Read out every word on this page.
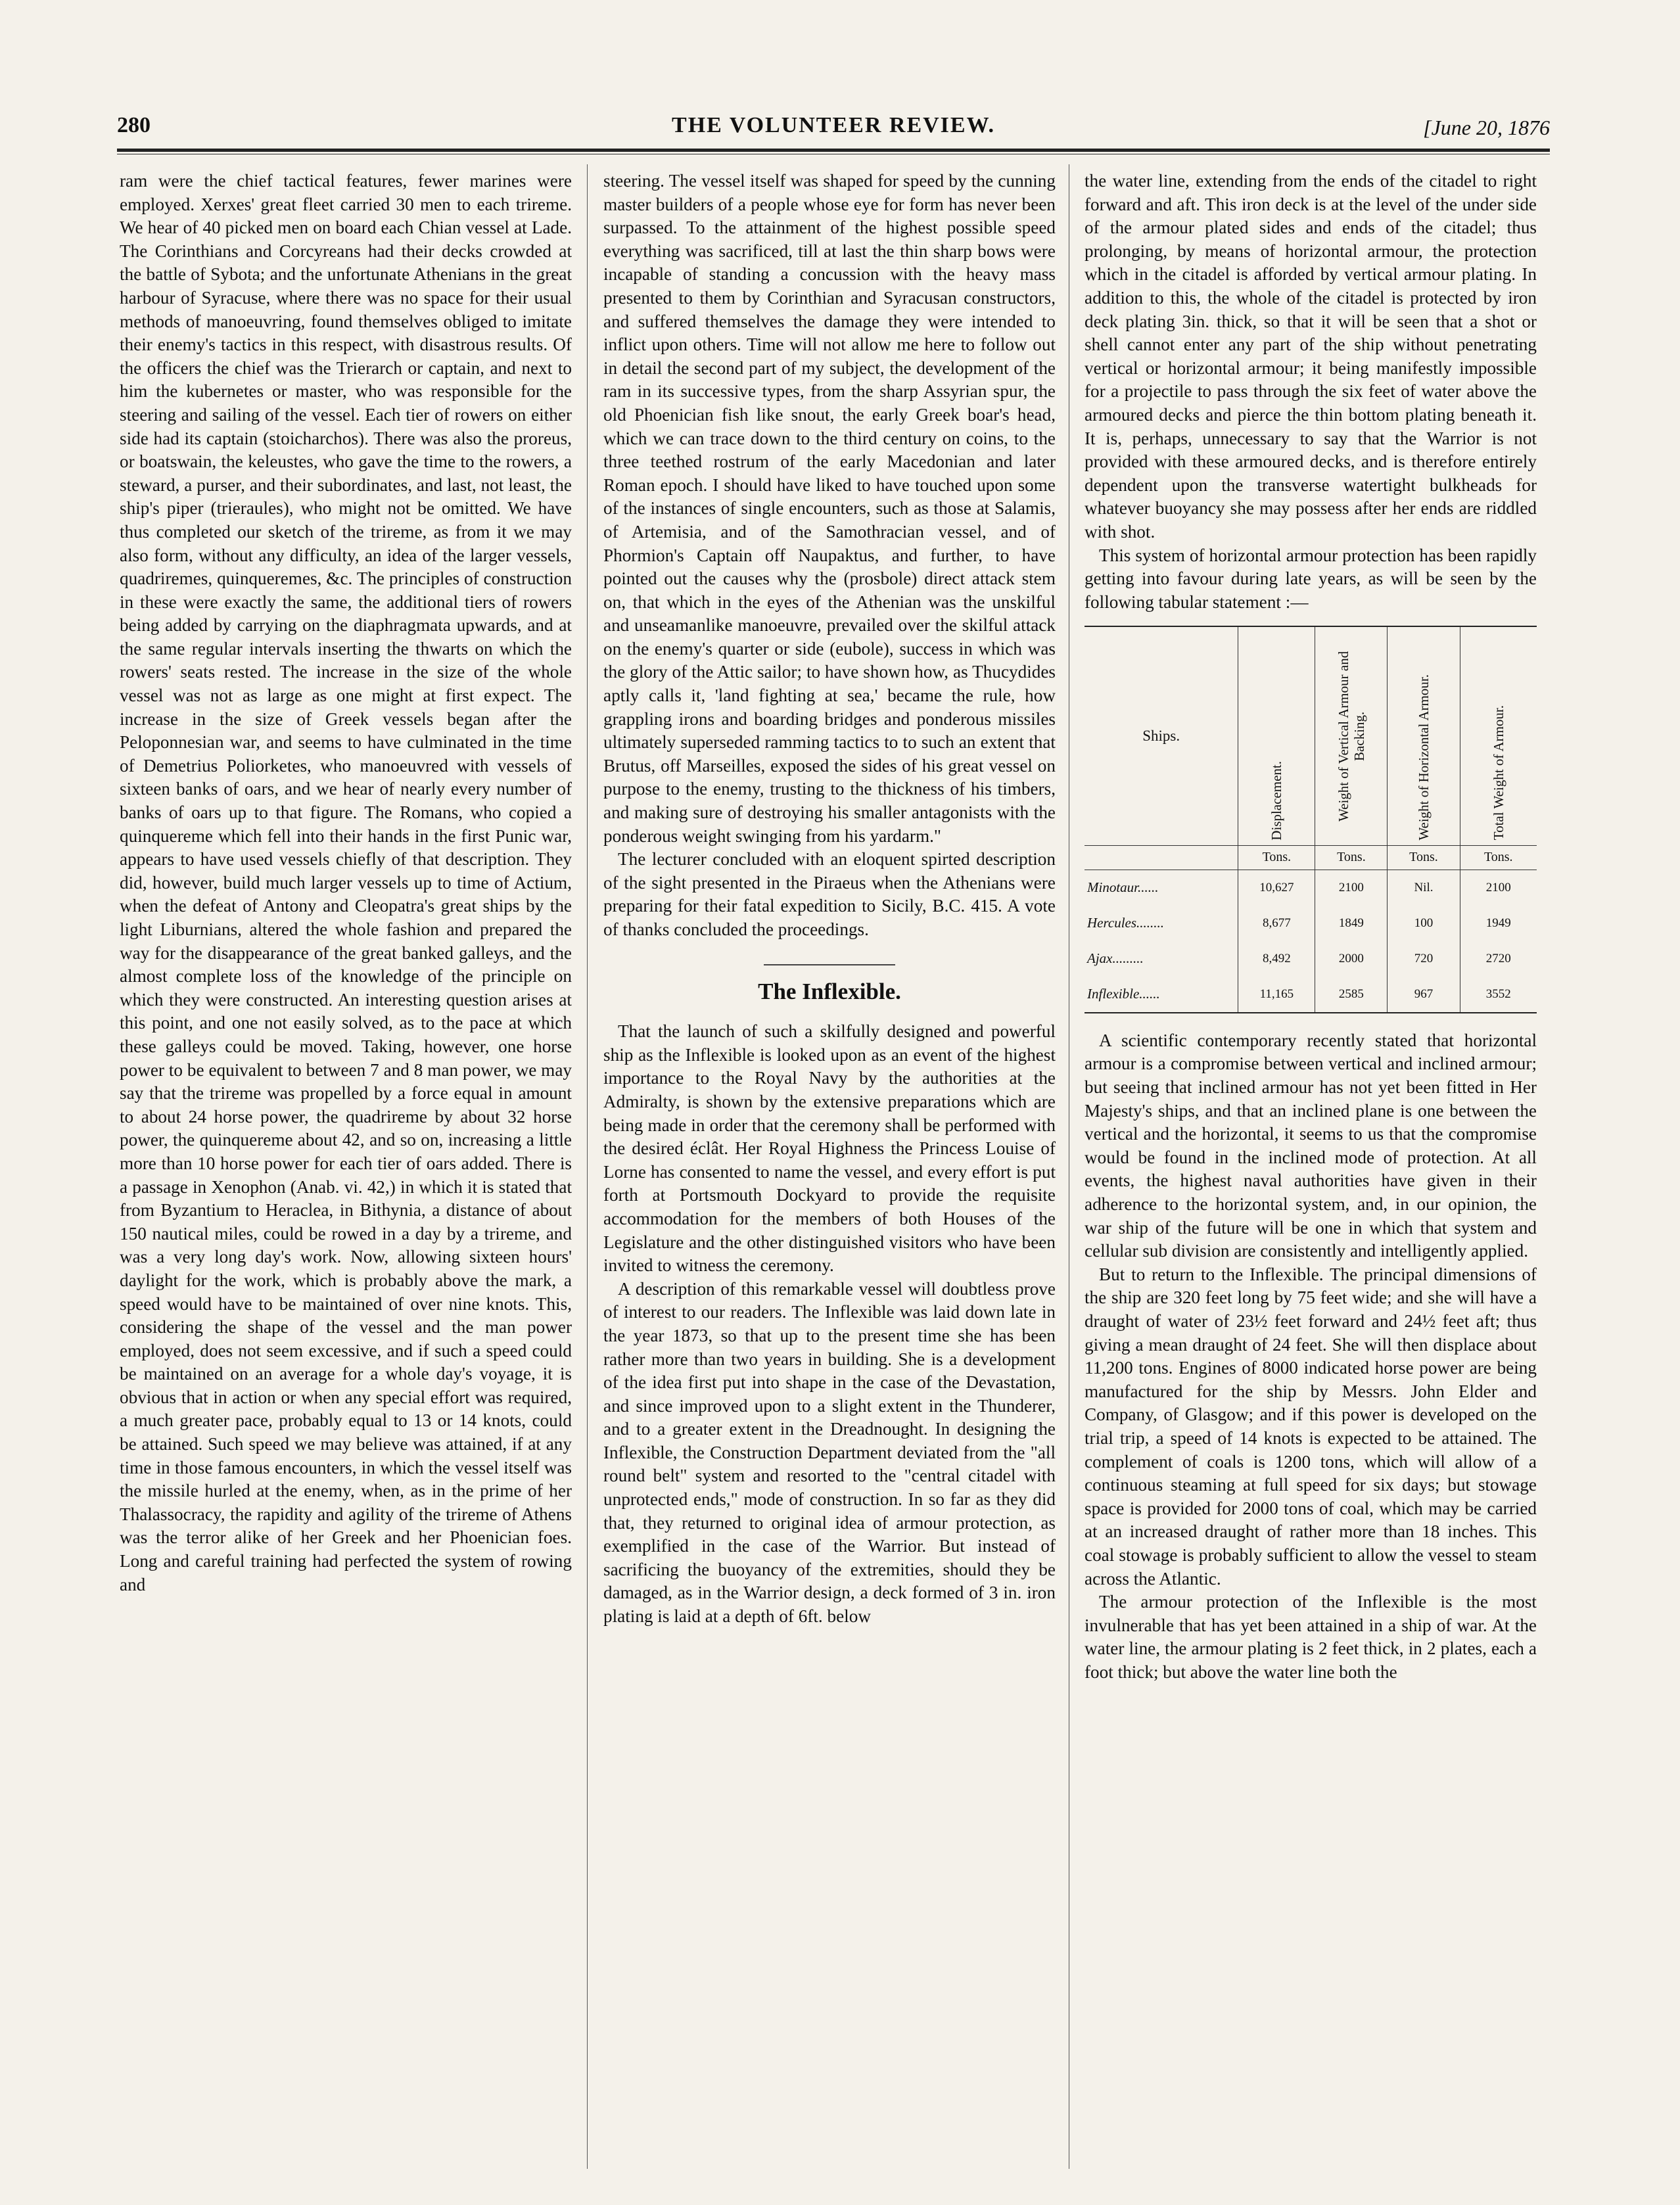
280	THE VOLUNTEER REVIEW.	[June 20, 1876

ram were the chief tactical features, fewer marines were employed. Xerxes' great fleet carried 30 men to each trireme. We hear of 40 picked men on board each Chian vessel at Lade. The Corinthians and Corcyreans had their decks crowded at the battle of Sybota; and the unfortunate Athenians in the great harbour of Syracuse, where there was no space for their usual methods of manoeuvring, found themselves obliged to imitate their enemy's tactics in this respect, with disastrous results. Of the officers the chief was the Trierarch or captain, and next to him the kubernetes or master, who was responsible for the steering and sailing of the vessel. Each tier of rowers on either side had its captain (stoicharchos). There was also the proreus, or boatswain, the keleustes, who gave the time to the rowers, a steward, a purser, and their subordinates, and last, not least, the ship's piper (trieraules), who might not be omitted. We have thus completed our sketch of the trireme, as from it we may also form, without any difficulty, an idea of the larger vessels, quadriremes, quinqueremes, &c. The principles of construction in these were exactly the same, the additional tiers of rowers being added by carrying on the diaphragmata upwards, and at the same regular intervals inserting the thwarts on which the rowers' seats rested. The increase in the size of the whole vessel was not as large as one might at first expect. The increase in the size of Greek vessels began after the Peloponnesian war, and seems to have culminated in the time of Demetrius Poliorketes, who manoeuvred with vessels of sixteen banks of oars, and we hear of nearly every number of banks of oars up to that figure. The Romans, who copied a quinquereme which fell into their hands in the first Punic war, appears to have used vessels chiefly of that description. They did, however, build much larger vessels up to time of Actium, when the defeat of Antony and Cleopatra's great ships by the light Liburnians, altered the whole fashion and prepared the way for the disappearance of the great banked galleys, and the almost complete loss of the knowledge of the principle on which they were constructed. An interesting question arises at this point, and one not easily solved, as to the pace at which these galleys could be moved. Taking, however, one horse power to be equivalent to between 7 and 8 man power, we may say that the trireme was propelled by a force equal in amount to about 24 horse power, the quadrireme by about 32 horse power, the quinquereme about 42, and so on, increasing a little more than 10 horse power for each tier of oars added. There is a passage in Xenophon (Anab. vi. 42,) in which it is stated that from Byzantium to Heraclea, in Bithynia, a distance of about 150 nautical miles, could be rowed in a day by a trireme, and was a very long day's work. Now, allowing sixteen hours' daylight for the work, which is probably above the mark, a speed would have to be maintained of over nine knots. This, considering the shape of the vessel and the man power employed, does not seem excessive, and if such a speed could be maintained on an average for a whole day's voyage, it is obvious that in action or when any special effort was required, a much greater pace, probably equal to 13 or 14 knots, could be attained. Such speed we may believe was attained, if at any time in those famous encounters, in which the vessel itself was the missile hurled at the enemy, when, as in the prime of her Thalassocracy, the rapidity and agility of the trireme of Athens was the terror alike of her Greek and her Phoenician foes. Long and careful training had perfected the system of rowing and

steering. The vessel itself was shaped for speed by the cunning master builders of a people whose eye for form has never been surpassed. To the attainment of the highest possible speed everything was sacrificed, till at last the thin sharp bows were incapable of standing a concussion with the heavy mass presented to them by Corinthian and Syracusan constructors, and suffered themselves the damage they were intended to inflict upon others. Time will not allow me here to follow out in detail the second part of my subject, the development of the ram in its successive types, from the sharp Assyrian spur, the old Phoenician fish like snout, the early Greek boar's head, which we can trace down to the third century on coins, to the three teethed rostrum of the early Macedonian and later Roman epoch. I should have liked to have touched upon some of the instances of single encounters, such as those at Salamis, of Artemisia, and of the Samothracian vessel, and of Phormion's Captain off Naupaktus, and further, to have pointed out the causes why the (prosbole) direct attack stem on, that which in the eyes of the Athenian was the unskilful and unseamanlike manoeuvre, prevailed over the skilful attack on the enemy's quarter or side (eubole), success in which was the glory of the Attic sailor; to have shown how, as Thucydides aptly calls it, 'land fighting at sea,' became the rule, how grappling irons and boarding bridges and ponderous missiles ultimately superseded ramming tactics to to such an extent that Brutus, off Marseilles, exposed the sides of his great vessel on purpose to the enemy, trusting to the thickness of his timbers, and making sure of destroying his smaller antagonists with the ponderous weight swinging from his yardarm."

The lecturer concluded with an eloquent spirted description of the sight presented in the Piraeus when the Athenians were preparing for their fatal expedition to Sicily, B.C. 415. A vote of thanks concluded the proceedings.

The Inflexible.

That the launch of such a skilfully designed and powerful ship as the Inflexible is looked upon as an event of the highest importance to the Royal Navy by the authorities at the Admiralty, is shown by the extensive preparations which are being made in order that the ceremony shall be performed with the desired éclât. Her Royal Highness the Princess Louise of Lorne has consented to name the vessel, and every effort is put forth at Portsmouth Dockyard to provide the requisite accommodation for the members of both Houses of the Legislature and the other distinguished visitors who have been invited to witness the ceremony.

A description of this remarkable vessel will doubtless prove of interest to our readers. The Inflexible was laid down late in the year 1873, so that up to the present time she has been rather more than two years in building. She is a development of the idea first put into shape in the case of the Devastation, and since improved upon to a slight extent in the Thunderer, and to a greater extent in the Dreadnought. In designing the Inflexible, the Construction Department deviated from the "all round belt" system and resorted to the "central citadel with unprotected ends," mode of construction. In so far as they did that, they returned to original idea of armour protection, as exemplified in the case of the Warrior. But instead of sacrificing the buoyancy of the extremities, should they be damaged, as in the Warrior design, a deck formed of 3 in. iron plating is laid at a depth of 6ft. below

the water line, extending from the ends of the citadel to right forward and aft. This iron deck is at the level of the under side of the armour plated sides and ends of the citadel; thus prolonging, by means of horizontal armour, the protection which in the citadel is afforded by vertical armour plating. In addition to this, the whole of the citadel is protected by iron deck plating 3in. thick, so that it will be seen that a shot or shell cannot enter any part of the ship without penetrating vertical or horizontal armour; it being manifestly impossible for a projectile to pass through the six feet of water above the armoured decks and pierce the thin bottom plating beneath it. It is, perhaps, unnecessary to say that the Warrior is not provided with these armoured decks, and is therefore entirely dependent upon the transverse watertight bulkheads for whatever buoyancy she may possess after her ends are riddled with shot.

This system of horizontal armour protection has been rapidly getting into favour during late years, as will be seen by the following tabular statement :—

Ships.	Displacement.	Weight of Vertical Armour and Backing.	Weight of Horizontal Armour.	Total Weight of Armour.

	Tons.	Tons.	Tons.	Tons.
Minotaur......	10,627	2100	Nil.	2100
Hercules........	8,677	1849	100	1949
Ajax.........	8,492	2000	720	2720
Inflexible......	11,165	2585	967	3552

A scientific contemporary recently stated that horizontal armour is a compromise between vertical and inclined armour; but seeing that inclined armour has not yet been fitted in Her Majesty's ships, and that an inclined plane is one between the vertical and the horizontal, it seems to us that the compromise would be found in the inclined mode of protection. At all events, the highest naval authorities have given in their adherence to the horizontal system, and, in our opinion, the war ship of the future will be one in which that system and cellular sub division are consistently and intelligently applied.

But to return to the Inflexible. The principal dimensions of the ship are 320 feet long by 75 feet wide; and she will have a draught of water of 23½ feet forward and 24½ feet aft; thus giving a mean draught of 24 feet. She will then displace about 11,200 tons. Engines of 8000 indicated horse power are being manufactured for the ship by Messrs. John Elder and Company, of Glasgow; and if this power is developed on the trial trip, a speed of 14 knots is expected to be attained. The complement of coals is 1200 tons, which will allow of a continuous steaming at full speed for six days; but stowage space is provided for 2000 tons of coal, which may be carried at an increased draught of rather more than 18 inches. This coal stowage is probably sufficient to allow the vessel to steam across the Atlantic.

The armour protection of the Inflexible is the most invulnerable that has yet been attained in a ship of war. At the water line, the armour plating is 2 feet thick, in 2 plates, each a foot thick; but above the water line both the
